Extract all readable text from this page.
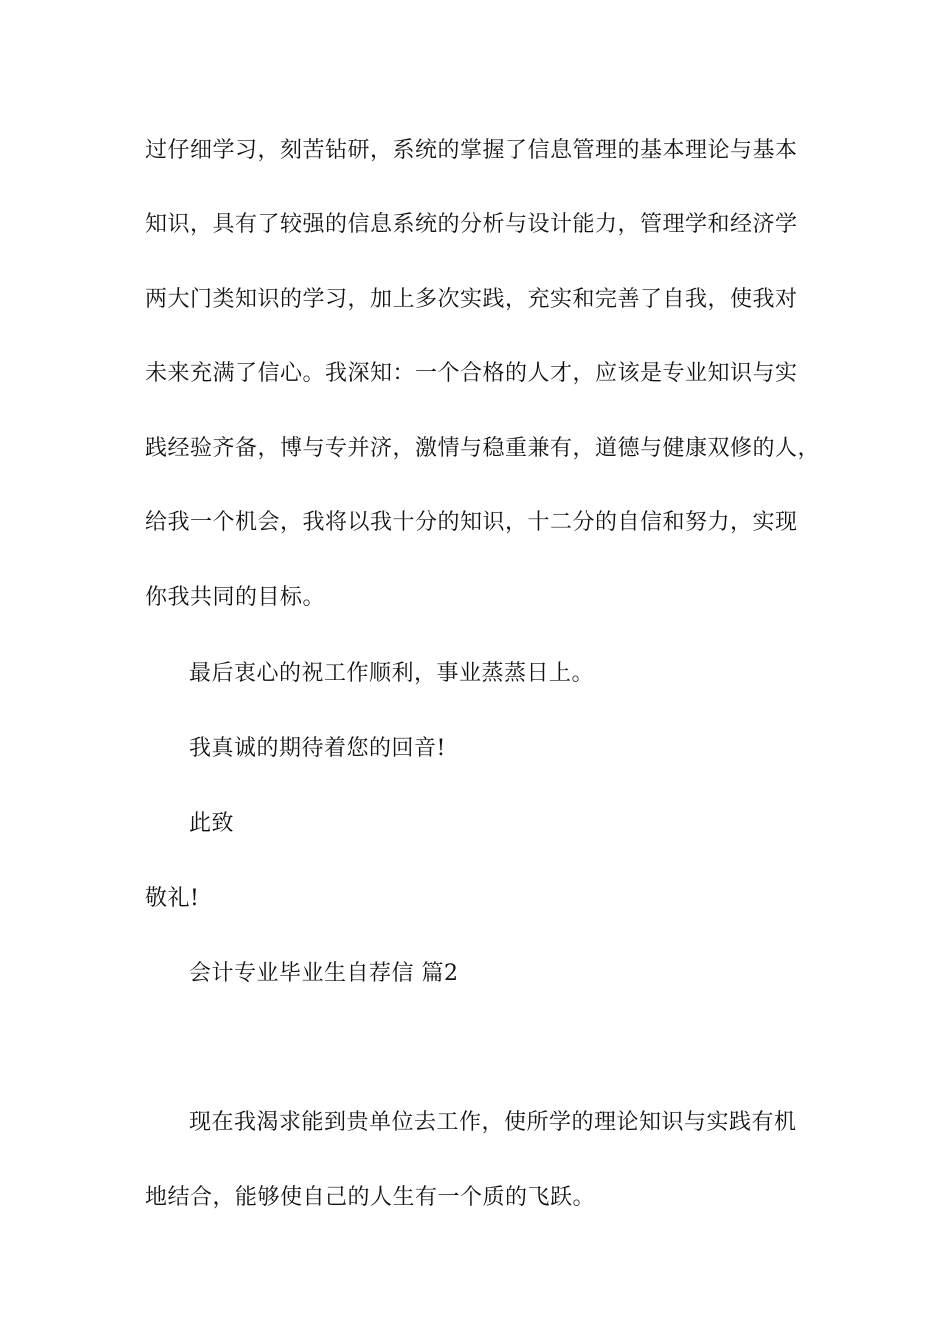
过仔细学习，刻苦钻研，系统的掌握了信息管理的基本理论与基本
知识，具有了较强的信息系统的分析与设计能力，管理学和经济学
两大门类知识的学习，加上多次实践，充实和完善了自我，使我对
未来充满了信心。我深知：一个合格的人才，应该是专业知识与实
践经验齐备，博与专并济，激情与稳重兼有，道德与健康双修的人，
给我一个机会，我将以我十分的知识，十二分的自信和努力，实现
你我共同的目标。
最后衷心的祝工作顺利，事业蒸蒸日上。
我真诚的期待着您的回音!
此致
敬礼!
会计专业毕业生自荐信 篇2
现在我渴求能到贵单位去工作，使所学的理论知识与实践有机
地结合，能够使自己的人生有一个质的飞跃。
